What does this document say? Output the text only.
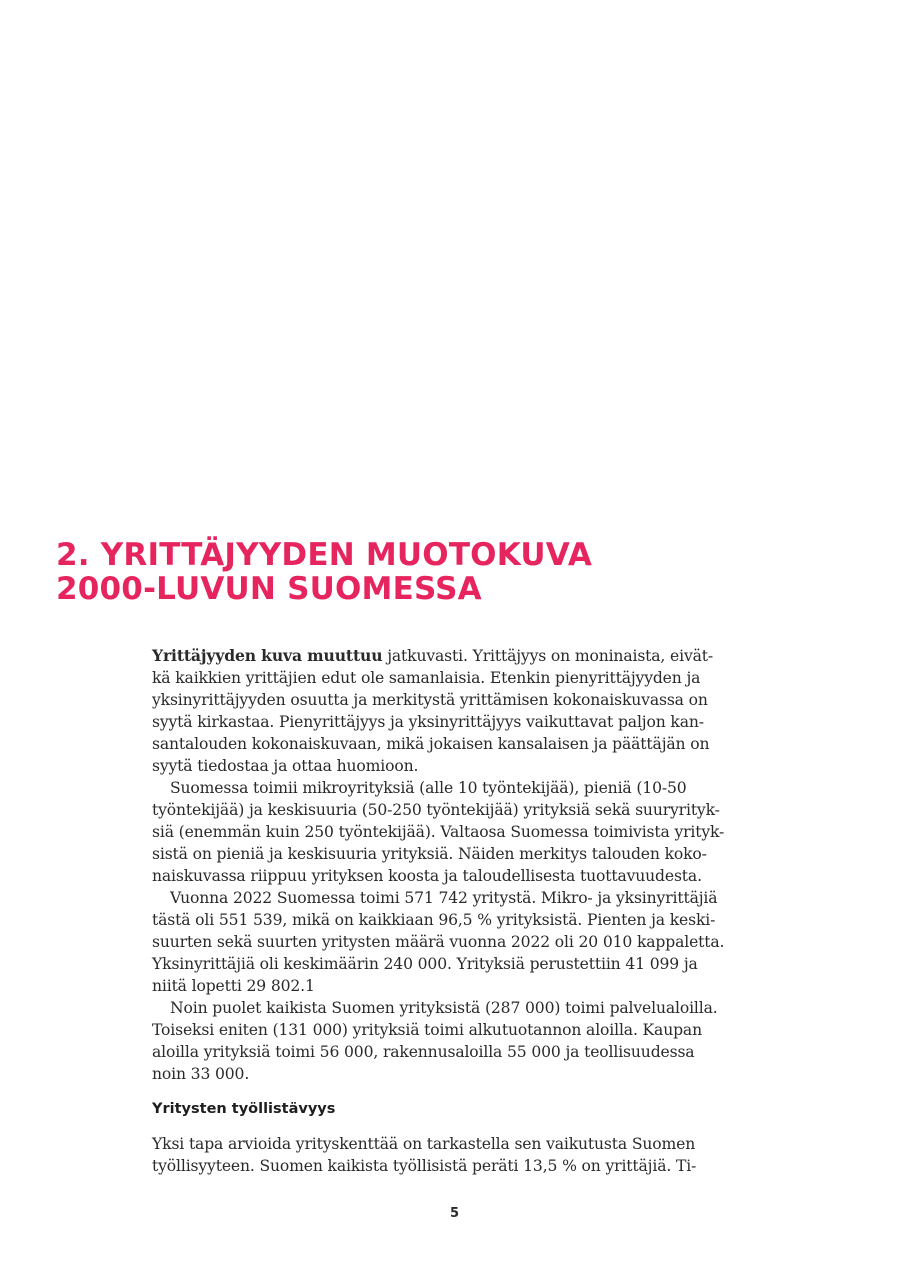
2. YRITTÄJYYDEN MUOTOKUVA
2000-LUVUN SUOMESSA

Yrittäjyyden kuva muuttuu jatkuvasti. Yrittäjyys on moninaista, eivät-
kä kaikkien yrittäjien edut ole samanlaisia. Etenkin pienyrittäjyyden ja
yksinyrittäjyyden osuutta ja merkitystä yrittämisen kokonaiskuvassa on
syytä kirkastaa. Pienyrittäjyys ja yksinyrittäjyys vaikuttavat paljon kan-
santalouden kokonaiskuvaan, mikä jokaisen kansalaisen ja päättäjän on
syytä tiedostaa ja ottaa huomioon.

Suomessa toimii mikroyrityksiä (alle 10 työntekijää), pieniä (10-50
työntekijää) ja keskisuuria (50-250 työntekijää) yrityksiä sekä suuryrityk-
siä (enemmän kuin 250 työntekijää). Valtaosa Suomessa toimivista yrityk-
sistä on pieniä ja keskisuuria yrityksiä. Näiden merkitys talouden koko-
naiskuvassa riippuu yrityksen koosta ja taloudellisesta tuottavuudesta.

Vuonna 2022 Suomessa toimi 571 742 yritystä. Mikro- ja yksinyrittäjiä
tästä oli 551 539, mikä on kaikkiaan 96,5 % yrityksistä. Pienten ja keski-
suurten sekä suurten yritysten määrä vuonna 2022 oli 20 010 kappaletta.
Yksinyrittäjiä oli keskimäärin 240 000. Yrityksiä perustettiin 41 099 ja
niitä lopetti 29 802.1

Noin puolet kaikista Suomen yrityksistä (287 000) toimi palvelualoilla.
Toiseksi eniten (131 000) yrityksiä toimi alkutuotannon aloilla. Kaupan
aloilla yrityksiä toimi 56 000, rakennusaloilla 55 000 ja teollisuudessa
noin 33 000.

Yritysten työllistävyys

Yksi tapa arvioida yrityskenttää on tarkastella sen vaikutusta Suomen
työllisyyteen. Suomen kaikista työllisistä peräti 13,5 % on yrittäjiä. Ti-

5
